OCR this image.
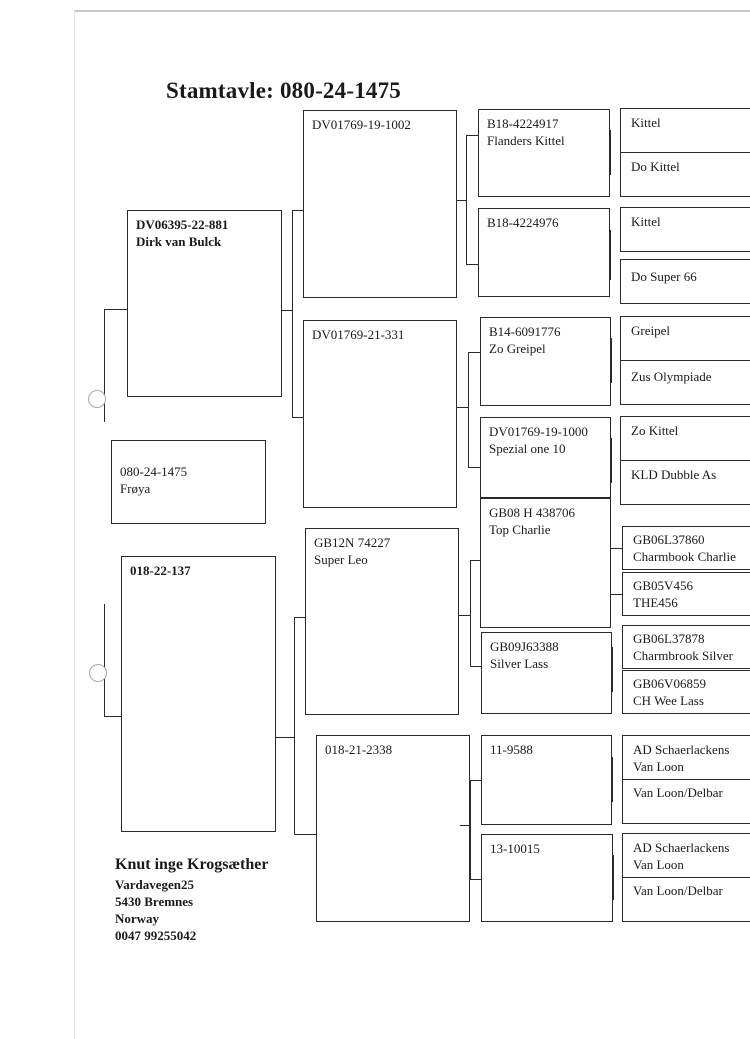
Stamtavle: 080-24-1475
080-24-1475
Frøya
DV06395-22-881
Dirk van Bulck
018-22-137
DV01769-19-1002
DV01769-21-331
GB12N 74227
Super Leo
018-21-2338
B18-4224917
Flanders Kittel
B18-4224976
B14-6091776
Zo Greipel
DV01769-19-1000
Spezial one 10
GB08 H 438706
Top Charlie
GB09J63388
Silver Lass
11-9588
13-10015
Kittel
Do Kittel
Kittel
Do Super 66
Greipel
Zus Olympiade
Zo Kittel
KLD Dubble As
GB06L37860
Charmbook Charlie
GB05V456
THE456
GB06L37878
Charmbrook Silver
GB06V06859
CH Wee Lass
AD Schaerlackens
Van Loon
Van Loon/Delbar
AD Schaerlackens
Van Loon
Van Loon/Delbar
Knut inge Krogsæther
Vardavegen25
5430 Bremnes
Norway
0047 99255042
